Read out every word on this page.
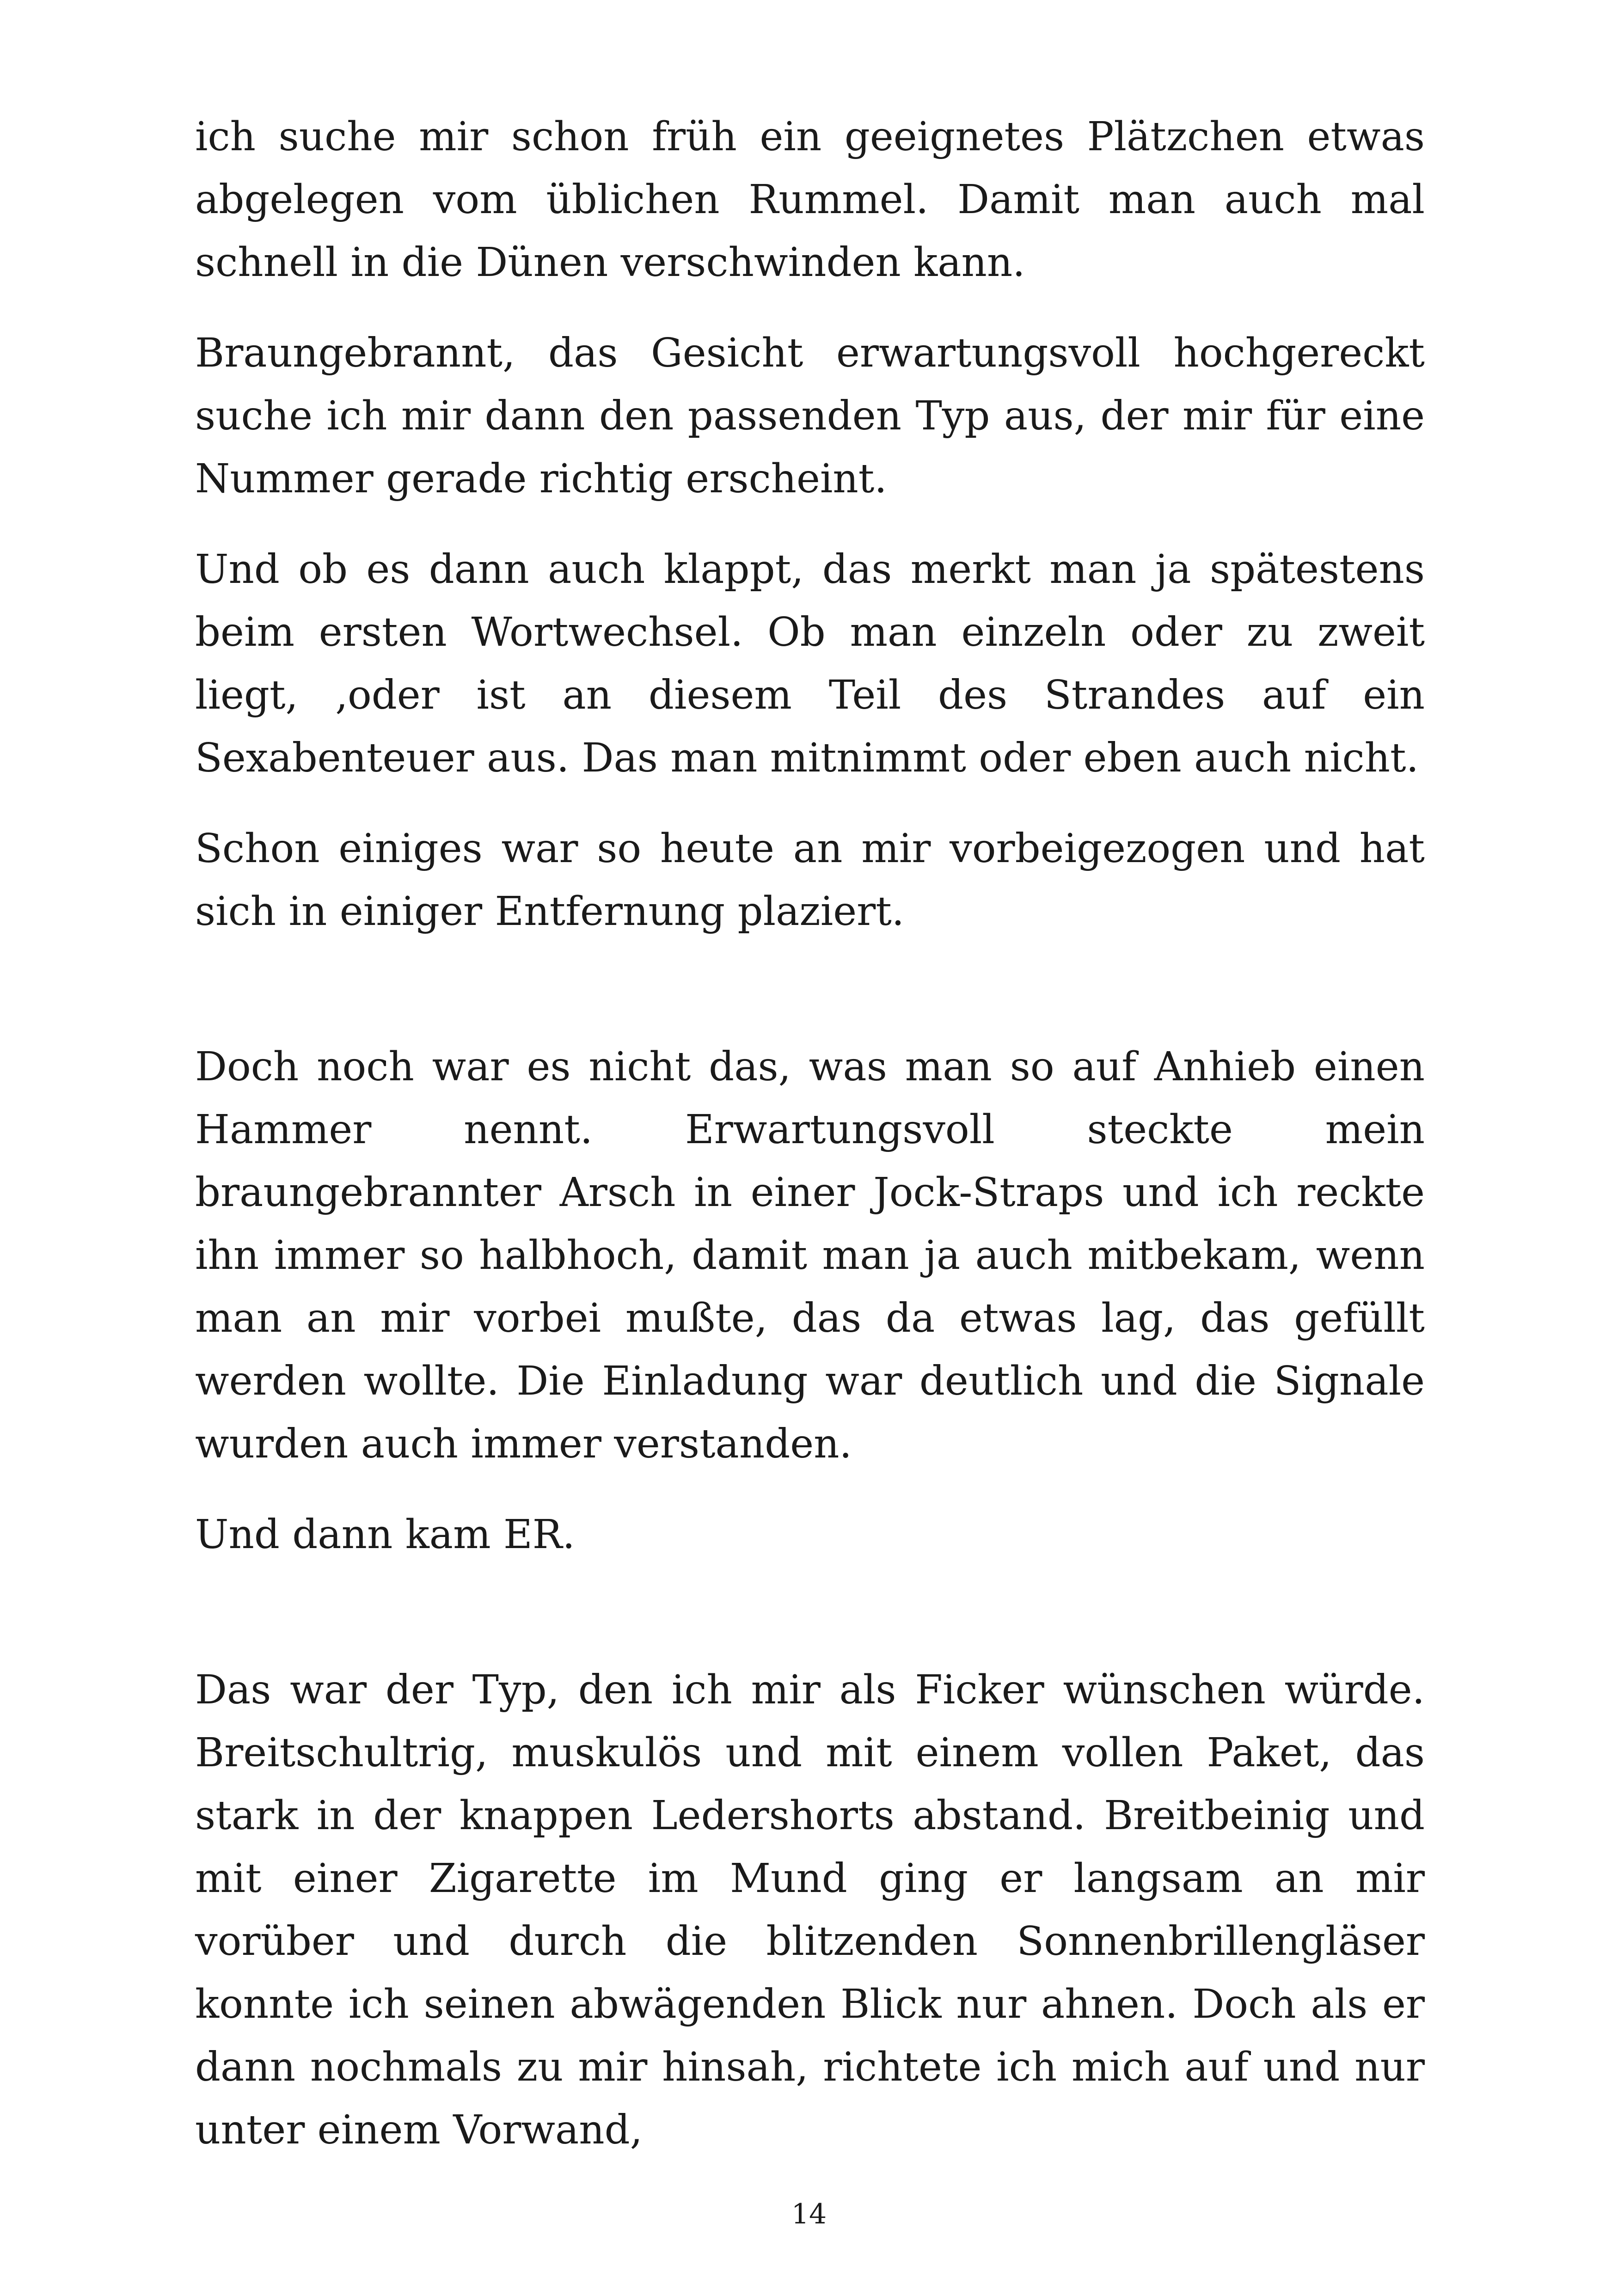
ich suche mir schon früh ein geeignetes Plätzchen etwas abgelegen vom üblichen Rummel. Damit man auch mal schnell in die Dünen verschwinden kann.

Braungebrannt, das Gesicht erwartungsvoll hochgereckt suche ich mir dann den passenden Typ aus, der mir für eine Nummer gerade richtig erscheint.

Und ob es dann auch klappt, das merkt man ja spätestens beim ersten Wortwechsel. Ob man einzeln oder zu zweit liegt, ‚oder ist an diesem Teil des Strandes auf ein Sexabenteuer aus. Das man mitnimmt oder eben auch nicht.

Schon einiges war so heute an mir vorbeigezogen und hat sich in einiger Entfernung plaziert.

Doch noch war es nicht das, was man so auf Anhieb einen Hammer nennt. Erwartungsvoll steckte mein braungebrannter Arsch in einer Jock-Straps und ich reckte ihn immer so halbhoch, damit man ja auch mitbekam, wenn man an mir vorbei mußte, das da etwas lag, das gefüllt werden wollte. Die Einladung war deutlich und die Signale wurden auch immer verstanden.

Und dann kam ER.

Das war der Typ, den ich mir als Ficker wünschen würde. Breitschultrig, muskulös und mit einem vollen Paket, das stark in der knappen Ledershorts abstand. Breitbeinig und mit einer Zigarette im Mund ging er langsam an mir vorüber und durch die blitzenden Sonnenbrillengläser konnte ich seinen abwägenden Blick nur ahnen. Doch als er dann nochmals zu mir hinsah, richtete ich mich auf und nur unter einem Vorwand,

14
